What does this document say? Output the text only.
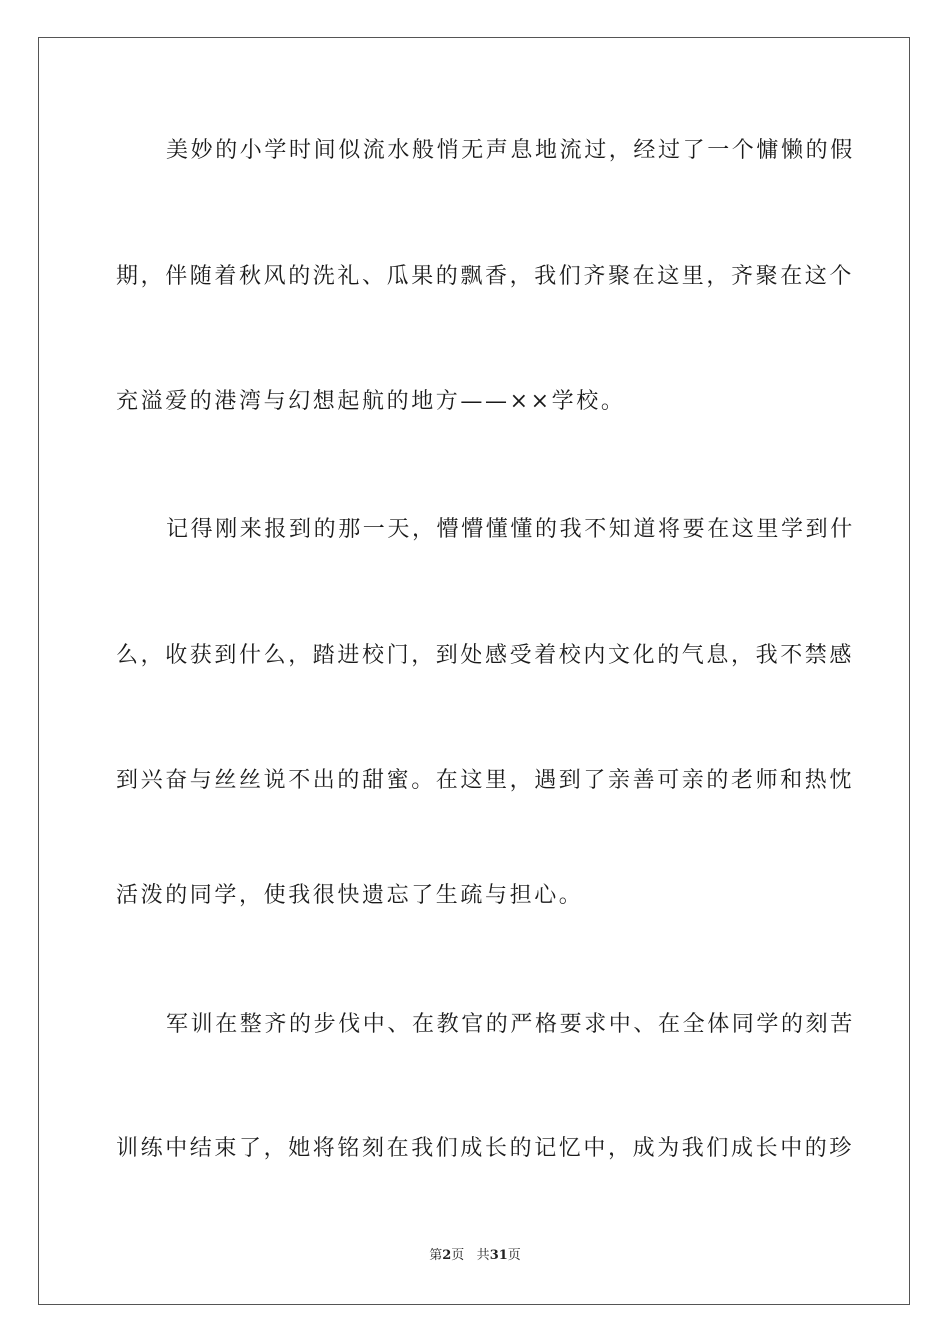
美妙的小学时间似流水般悄无声息地流过，经过了一个慵懒的假
期，伴随着秋风的洗礼、瓜果的飘香，我们齐聚在这里，齐聚在这个
充溢爱的港湾与幻想起航的地方——××学校。
记得刚来报到的那一天，懵懵懂懂的我不知道将要在这里学到什
么，收获到什么，踏进校门，到处感受着校内文化的气息，我不禁感
到兴奋与丝丝说不出的甜蜜。在这里，遇到了亲善可亲的老师和热忱
活泼的同学，使我很快遗忘了生疏与担心。
军训在整齐的步伐中、在教官的严格要求中、在全体同学的刻苦
训练中结束了，她将铭刻在我们成长的记忆中，成为我们成长中的珍
第2页 共31页
